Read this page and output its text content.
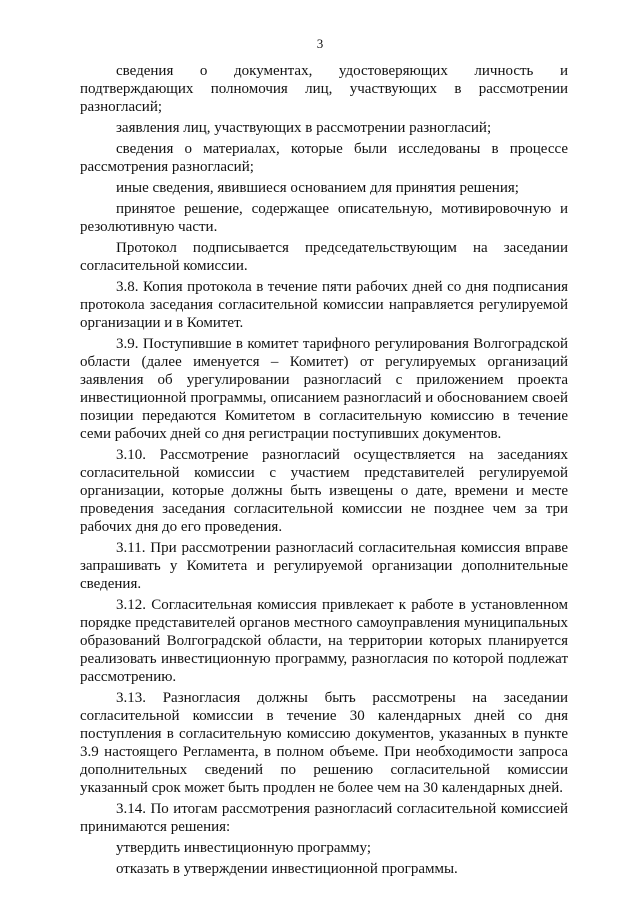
3

сведения о документах, удостоверяющих личность и подтверждающих полномочия лиц, участвующих в рассмотрении разногласий;

заявления лиц, участвующих в рассмотрении разногласий;

сведения о материалах, которые были исследованы в процессе рассмотрения разногласий;

иные сведения, явившиеся основанием для принятия решения;

принятое решение, содержащее описательную, мотивировочную и резолютивную части.

Протокол подписывается председательствующим на заседании согласительной комиссии.

3.8. Копия протокола в течение пяти рабочих дней со дня подписания протокола заседания согласительной комиссии направляется регулируемой организации и в Комитет.

3.9. Поступившие в комитет тарифного регулирования Волгоградской области (далее именуется – Комитет) от регулируемых организаций заявления об урегулировании разногласий с приложением проекта инвестиционной программы, описанием разногласий и обоснованием своей позиции передаются Комитетом в согласительную комиссию в течение семи рабочих дней со дня регистрации поступивших документов.

3.10. Рассмотрение разногласий осуществляется на заседаниях согласительной комиссии с участием представителей регулируемой организации, которые должны быть извещены о дате, времени и месте проведения заседания согласительной комиссии не позднее чем за три рабочих дня до его проведения.

3.11. При рассмотрении разногласий согласительная комиссия вправе запрашивать у Комитета и регулируемой организации дополнительные сведения.

3.12. Согласительная комиссия привлекает к работе в установленном порядке представителей органов местного самоуправления муниципальных образований Волгоградской области, на территории которых планируется реализовать инвестиционную программу, разногласия по которой подлежат рассмотрению.

3.13. Разногласия должны быть рассмотрены на заседании согласительной комиссии в течение 30 календарных дней со дня поступления в согласительную комиссию документов, указанных в пункте 3.9 настоящего Регламента, в полном объеме. При необходимости запроса дополнительных сведений по решению согласительной комиссии указанный срок может быть продлен не более чем на 30 календарных дней.

3.14. По итогам рассмотрения разногласий согласительной комиссией принимаются решения:

утвердить инвестиционную программу;

отказать в утверждении инвестиционной программы.
